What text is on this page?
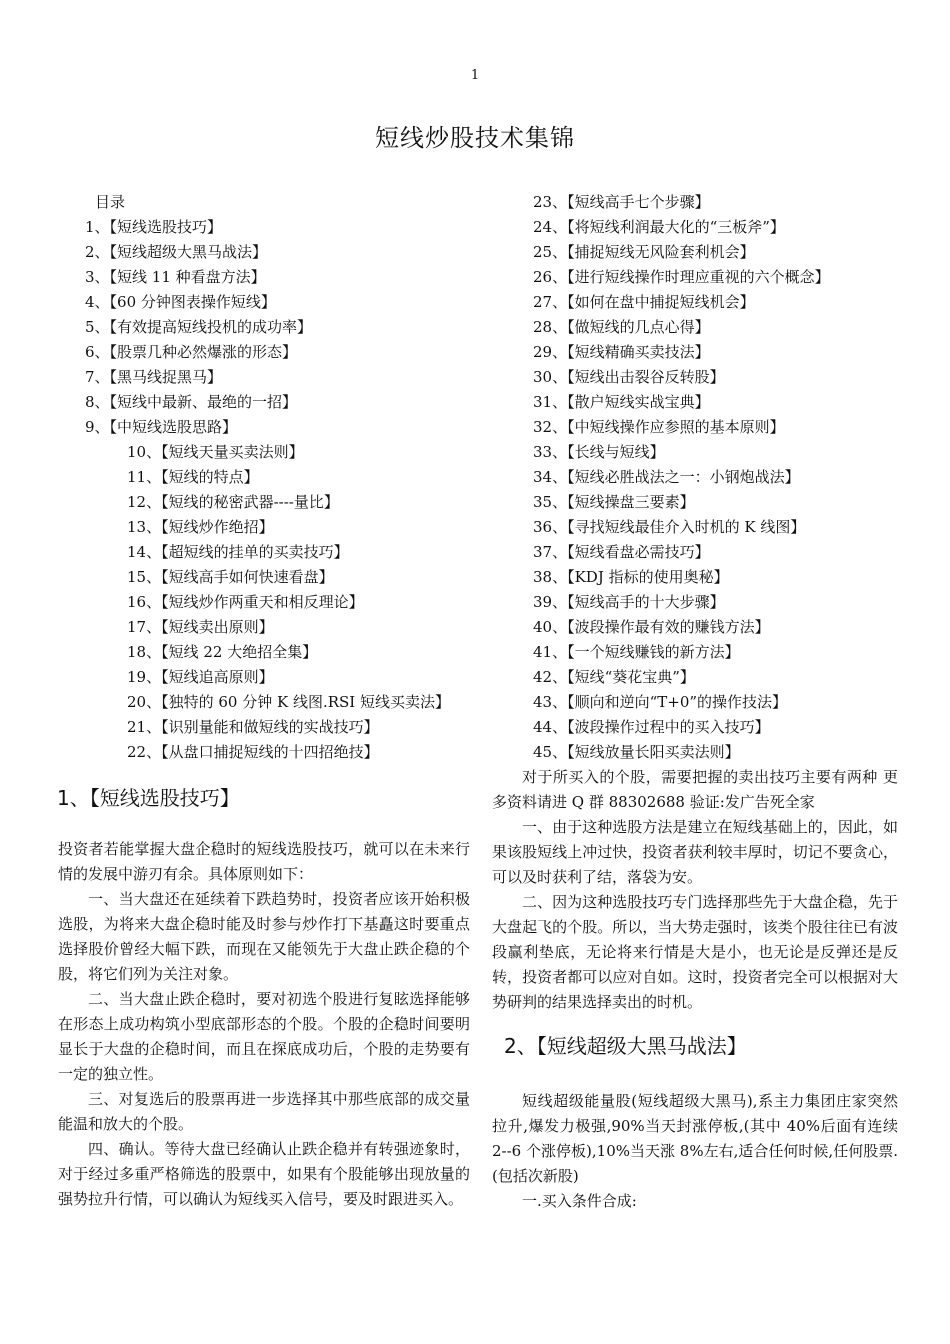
1
短线炒股技术集锦
目录
1、【短线选股技巧】
2、【短线超级大黑马战法】
3、【短线 11 种看盘方法】
4、【60 分钟图表操作短线】
5、【有效提高短线投机的成功率】
6、【股票几种必然爆涨的形态】
7、【黑马线捉黑马】
8、【短线中最新、最绝的一招】
9、【中短线选股思路】
10、【短线天量买卖法则】
11、【短线的特点】
12、【短线的秘密武器----量比】
13、【短线炒作绝招】
14、【超短线的挂单的买卖技巧】
15、【短线高手如何快速看盘】
16、【短线炒作两重天和相反理论】
17、【短线卖出原则】
18、【短线 22 大绝招全集】
19、【短线追高原则】
20、【独特的 60 分钟 K 线图.RSI 短线买卖法】
21、【识别量能和做短线的实战技巧】
22、【从盘口捕捉短线的十四招绝技】
1、【短线选股技巧】

投资者若能掌握大盘企稳时的短线选股技巧，就可以在未来行情的发展中游刃有余。具体原则如下：

一、当大盘还在延续着下跌趋势时，投资者应该开始积极选股，为将来大盘企稳时能及时参与炒作打下基矗这时要重点选择股价曾经大幅下跌，而现在又能领先于大盘止跌企稳的个股，将它们列为关注对象。

二、当大盘止跌企稳时，要对初选个股进行复眩选择能够在形态上成功构筑小型底部形态的个股。个股的企稳时间要明显长于大盘的企稳时间，而且在探底成功后，个股的走势要有一定的独立性。

三、对复选后的股票再进一步选择其中那些底部的成交量能温和放大的个股。

四、确认。等待大盘已经确认止跌企稳并有转强迹象时，对于经过多重严格筛选的股票中，如果有个股能够出现放量的强势拉升行情，可以确认为短线买入信号，要及时跟进买入。

23、【短线高手七个步骤】
24、【将短线利润最大化的“三板斧”】
25、【捕捉短线无风险套利机会】
26、【进行短线操作时理应重视的六个概念】
27、【如何在盘中捕捉短线机会】
28、【做短线的几点心得】
29、【短线精确买卖技法】
30、【短线出击裂谷反转股】
31、【散户短线实战宝典】
32、【中短线操作应参照的基本原则】
33、【长线与短线】
34、【短线必胜战法之一：小钢炮战法】
35、【短线操盘三要素】
36、【寻找短线最佳介入时机的 K 线图】
37、【短线看盘必需技巧】
38、【KDJ 指标的使用奥秘】
39、【短线高手的十大步骤】
40、【波段操作最有效的赚钱方法】
41、【一个短线赚钱的新方法】
42、【短线“葵花宝典”】
43、【顺向和逆向“T+0”的操作技法】
44、【波段操作过程中的买入技巧】
45、【短线放量长阳买卖法则】

对于所买入的个股，需要把握的卖出技巧主要有两种 更多资料请进 Q 群 88302688 验证:发广告死全家

一、由于这种选股方法是建立在短线基础上的，因此，如果该股短线上冲过快，投资者获利较丰厚时，切记不要贪心，可以及时获利了结，落袋为安。

二、因为这种选股技巧专门选择那些先于大盘企稳，先于大盘起飞的个股。所以，当大势走强时，该类个股往往已有波段赢利垫底，无论将来行情是大是小，也无论是反弹还是反转，投资者都可以应对自如。这时，投资者完全可以根据对大势研判的结果选择卖出的时机。

2、【短线超级大黑马战法】

短线超级能量股(短线超级大黑马),系主力集团庄家突然拉升,爆发力极强,90%当天封涨停板,(其中 40%后面有连续 2--6 个涨停板),10%当天涨 8%左右,适合任何时候,任何股票.(包括次新股)

一.买入条件合成:
